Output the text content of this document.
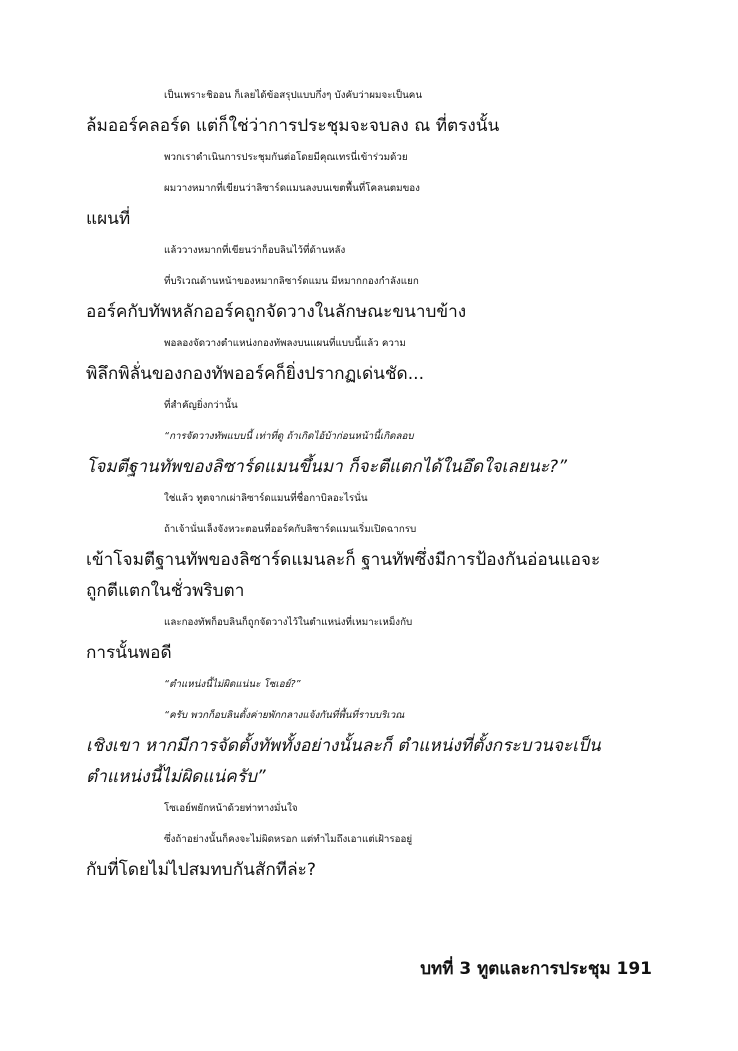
เป็นเพราะชิออน ก็เลยได้ข้อสรุปแบบกึ่งๆ บังคับว่าผมจะเป็นคน
ล้มออร์คลอร์ด แต่ก็ใช่ว่าการประชุมจะจบลง ณ ที่ตรงนั้น
พวกเราดำเนินการประชุมกันต่อโดยมีคุณเทรนี่เข้าร่วมด้วย
ผมวางหมากที่เขียนว่าลิซาร์ดแมนลงบนเขตพื้นที่โคลนตมของ
แผนที่
แล้ววางหมากที่เขียนว่าก็อบลินไว้ที่ด้านหลัง
ที่บริเวณด้านหน้าของหมากลิซาร์ดแมน มีหมากกองกำลังแยก
ออร์คกับทัพหลักออร์คถูกจัดวางในลักษณะขนาบข้าง
พอลองจัดวางตำแหน่งกองทัพลงบนแผนที่แบบนี้แล้ว ความ
พิลึกพิลั่นของกองทัพออร์คก็ยิ่งปรากฏเด่นชัด...
ที่สำคัญยิ่งกว่านั้น
“การจัดวางทัพแบบนี้ เท่าที่ดู ถ้าเกิดไอ้บ้าก่อนหน้านี้เกิดลอบ
โจมตีฐานทัพของลิซาร์ดแมนขึ้นมา ก็จะตีแตกได้ในอึดใจเลยนะ?”
ใช่แล้ว ทูตจากเผ่าลิซาร์ดแมนที่ชื่อกาบิลอะไรนั่น
ถ้าเจ้านั่นเล็งจังหวะตอนที่ออร์คกับลิซาร์ดแมนเริ่มเปิดฉากรบ
เข้าโจมตีฐานทัพของลิซาร์ดแมนละก็ ฐานทัพซึ่งมีการป้องกันอ่อนแอจะ
ถูกตีแตกในชั่วพริบตา
และกองทัพก็อบลินก็ถูกจัดวางไว้ในตำแหน่งที่เหมาะเหม็งกับ
การนั้นพอดี
“ตำแหน่งนี้ไม่ผิดแน่นะ โซเอย์?”
“ครับ พวกก็อบลินตั้งค่ายพักกลางแจ้งกันที่พื้นที่ราบบริเวณ
เชิงเขา หากมีการจัดตั้งทัพทั้งอย่างนั้นละก็ ตำแหน่งที่ตั้งกระบวนจะเป็น
ตำแหน่งนี้ไม่ผิดแน่ครับ”
โซเอย์พยักหน้าด้วยท่าทางมั่นใจ
ซึ่งถ้าอย่างนั้นก็คงจะไม่ผิดหรอก แต่ทำไมถึงเอาแต่เฝ้ารออยู่
กับที่โดยไม่ไปสมทบกันสักทีล่ะ?
บทที่ 3 ทูตและการประชุม 191
